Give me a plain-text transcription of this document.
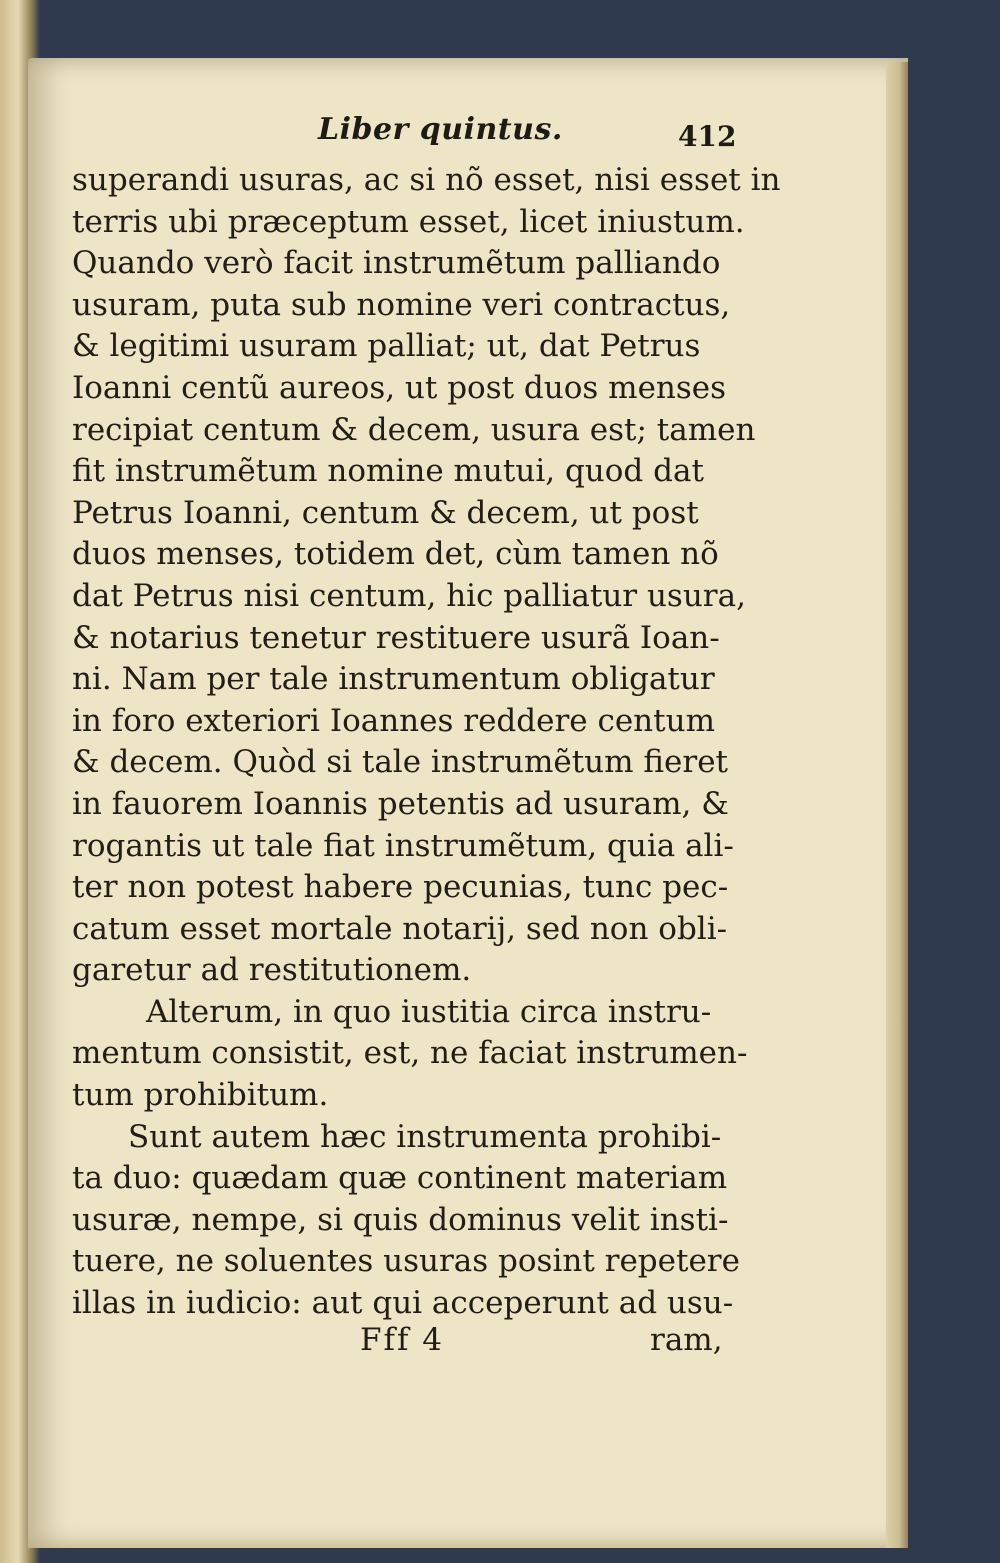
Liber quintus.	412
superandi usuras, ac si nõ esset, nisi esset in
terris ubi præceptum esset, licet iniustum.
Quando verò facit instrumẽtum palliando
usuram, puta sub nomine veri contractus,
& legitimi usuram palliat; ut, dat Petrus
Ioanni centũ aureos, ut post duos menses
recipiat centum & decem, usura est; tamen
fit instrumẽtum nomine mutui, quod dat
Petrus Ioanni, centum & decem, ut post
duos menses, totidem det, cùm tamen nõ
dat Petrus nisi centum, hic palliatur usura,
& notarius tenetur restituere usurã Ioan-
ni. Nam per tale instrumentum obligatur
in foro exteriori Ioannes reddere centum
& decem. Quòd si tale instrumẽtum fieret
in fauorem Ioannis petentis ad usuram, &
rogantis ut tale fiat instrumẽtum, quia ali-
ter non potest habere pecunias, tunc pec-
catum esset mortale notarij, sed non obli-
garetur ad restitutionem.
Alterum, in quo iustitia circa instru-
mentum consistit, est, ne faciat instrumen-
tum prohibitum.
Sunt autem hæc instrumenta prohibi-
ta duo: quædam quæ continent materiam
usuræ, nempe, si quis dominus velit insti-
tuere, ne soluentes usuras posint repetere
illas in iudicio: aut qui acceperunt ad usu-
Fff 4	ram,
